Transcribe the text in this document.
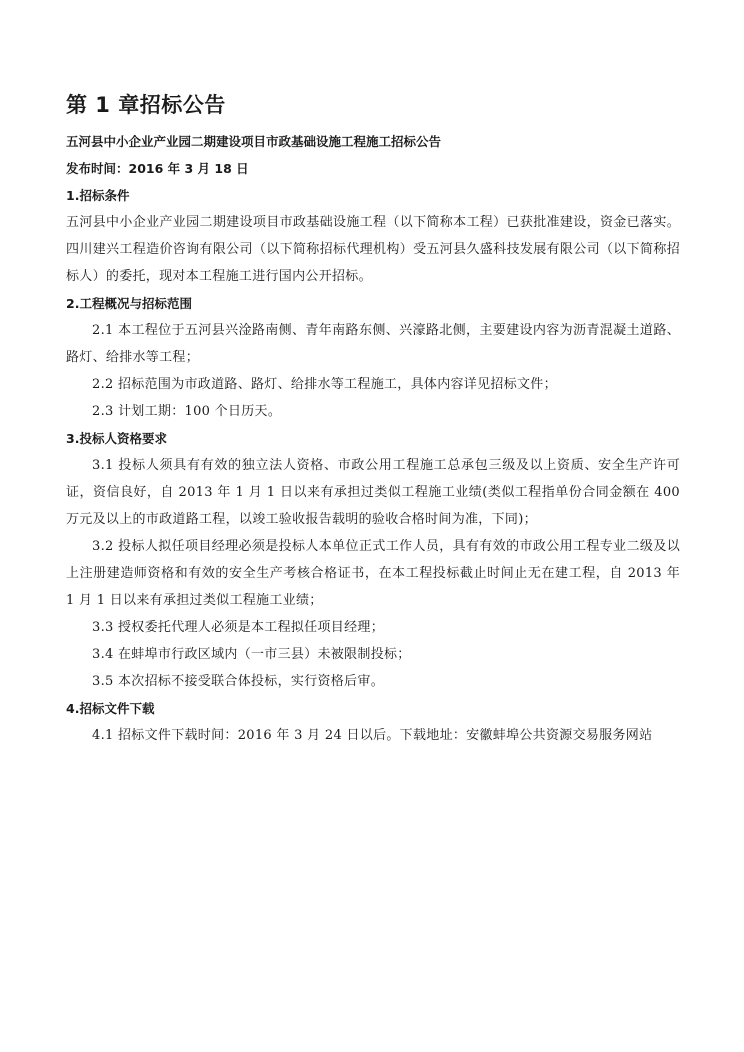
第 1 章招标公告

五河县中小企业产业园二期建设项目市政基础设施工程施工招标公告

发布时间：2016 年 3 月 18 日

1.招标条件

五河县中小企业产业园二期建设项目市政基础设施工程（以下简称本工程）已获批准建设，资金已落实。四川建兴工程造价咨询有限公司（以下简称招标代理机构）受五河县久盛科技发展有限公司（以下简称招标人）的委托，现对本工程施工进行国内公开招标。

2.工程概况与招标范围

2.1 本工程位于五河县兴淦路南侧、青年南路东侧、兴濠路北侧，主要建设内容为沥青混凝土道路、路灯、给排水等工程；

2.2 招标范围为市政道路、路灯、给排水等工程施工，具体内容详见招标文件；

2.3 计划工期：100 个日历天。

3.投标人资格要求

3.1 投标人须具有有效的独立法人资格、市政公用工程施工总承包三级及以上资质、安全生产许可证，资信良好，自 2013 年 1 月 1 日以来有承担过类似工程施工业绩(类似工程指单份合同金额在 400 万元及以上的市政道路工程，以竣工验收报告载明的验收合格时间为准，下同)；

3.2 投标人拟任项目经理必须是投标人本单位正式工作人员，具有有效的市政公用工程专业二级及以上注册建造师资格和有效的安全生产考核合格证书，在本工程投标截止时间止无在建工程，自 2013 年 1 月 1 日以来有承担过类似工程施工业绩；

3.3 授权委托代理人必须是本工程拟任项目经理；

3.4 在蚌埠市行政区域内（一市三县）未被限制投标；

3.5 本次招标不接受联合体投标，实行资格后审。

4.招标文件下载

4.1 招标文件下载时间：2016 年 3 月 24 日以后。下载地址：安徽蚌埠公共资源交易服务网站
